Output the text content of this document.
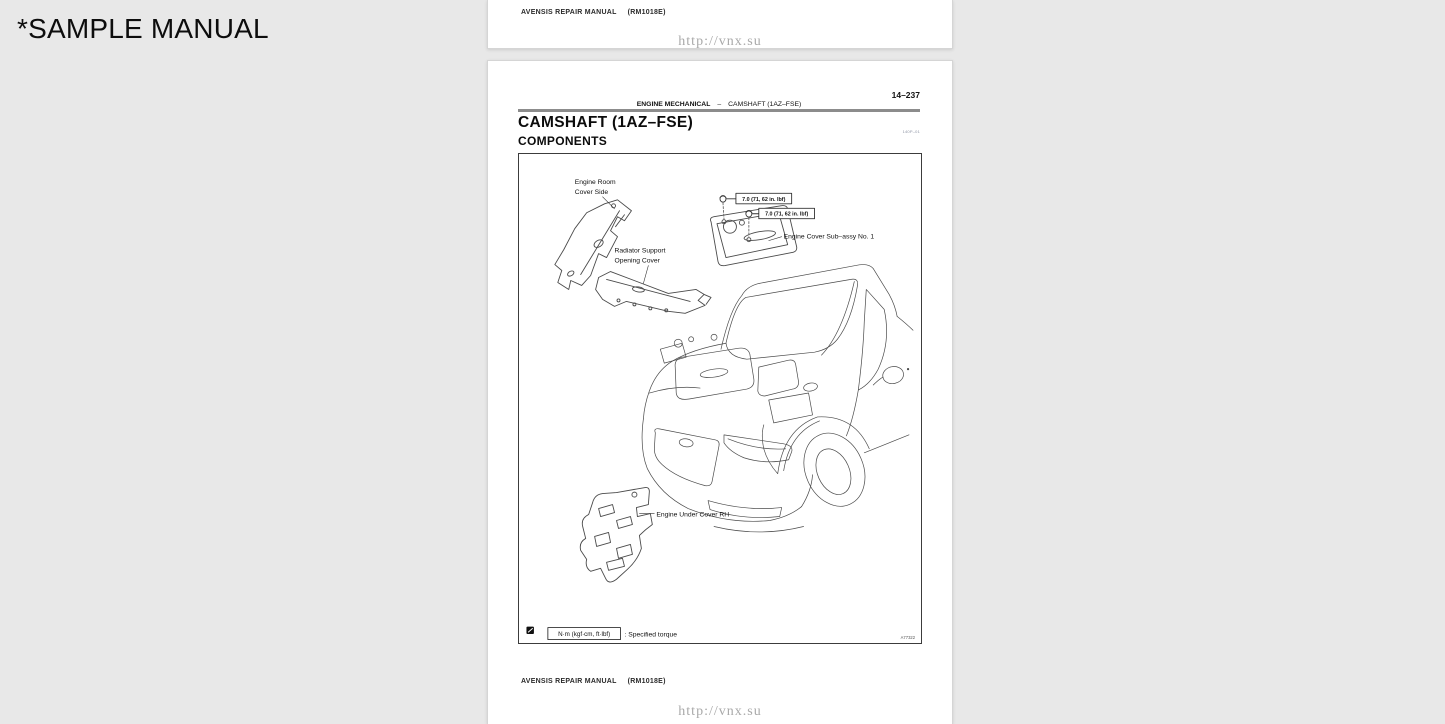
*SAMPLE MANUAL
AVENSIS REPAIR MANUAL (RM1018E)
http://vnx.su
14–237
ENGINE MECHANICAL – CAMSHAFT (1AZ–FSE)
CAMSHAFT (1AZ–FSE)
140P–01
COMPONENTS
Engine Room
Cover Side
Radiator Support
Opening Cover
Engine Cover Sub–assy No. 1
Engine Under Cover RH
7.0 (71, 62 in. lbf)
7.0 (71, 62 in. lbf)
N·m (kgf·cm, ft·lbf) : Specified torque	A77322
AVENSIS REPAIR MANUAL (RM1018E)
http://vnx.su
